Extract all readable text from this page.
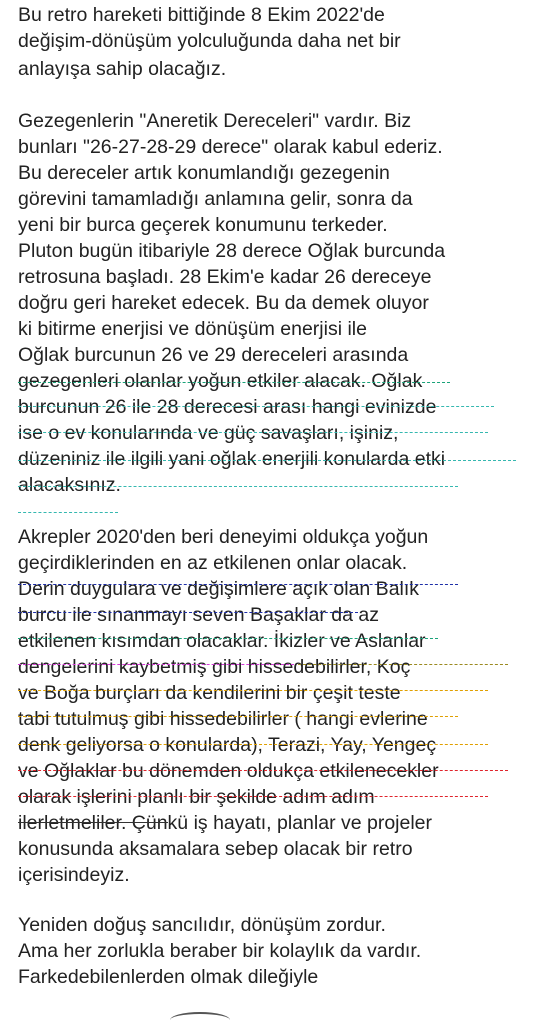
Bu retro hareketi bittiğinde 8 Ekim 2022'de
değişim-dönüşüm yolculuğunda daha net bir
anlayışa sahip olacağız.
Gezegenlerin "Aneretik Dereceleri" vardır. Biz
bunları "26-27-28-29 derece" olarak kabul ederiz.
Bu dereceler artık konumlandığı gezegenin
görevini tamamladığı anlamına gelir, sonra da
yeni bir burca geçerek konumunu terkeder.
Pluton bugün itibariyle 28 derece Oğlak burcunda
retrosuna başladı. 28 Ekim'e kadar 26 dereceye
doğru geri hareket edecek. Bu da demek oluyor
ki bitirme enerjisi ve dönüşüm enerjisi ile
Oğlak burcunun 26 ve 29 dereceleri arasında
gezegenleri olanlar yoğun etkiler alacak. Oğlak
burcunun 26 ile 28 derecesi arası hangi evinizde
ise o ev konularında ve güç savaşları, işiniz,
düzeniniz ile ilgili yani oğlak enerjili konularda etki
alacaksınız.
Akrepler 2020'den beri deneyimi oldukça yoğun
geçirdiklerinden en az etkilenen onlar olacak.
Derin duygulara ve değişimlere açık olan Balık
burcu ile sınanmayı seven Başaklar da az
etkilenen kısımdan olacaklar. İkizler ve Aslanlar
dengelerini kaybetmiş gibi hissedebilirler, Koç
ve Boğa burçları da kendilerini bir çeşit teste
tabi tutulmuş gibi hissedebilirler ( hangi evlerine
denk geliyorsa o konularda), Terazi, Yay, Yengeç
ve Oğlaklar bu dönemden oldukça etkilenecekler
olarak işlerini planlı bir şekilde adım adım
ilerletmeliler. Çünkü iş hayatı, planlar ve projeler
konusunda aksamalara sebep olacak bir retro
içerisindeyiz.
Yeniden doğuş sancılıdır, dönüşüm zordur.
Ama her zorlukla beraber bir kolaylık da vardır.
Farkedebilenlerden olmak dileğiyle
